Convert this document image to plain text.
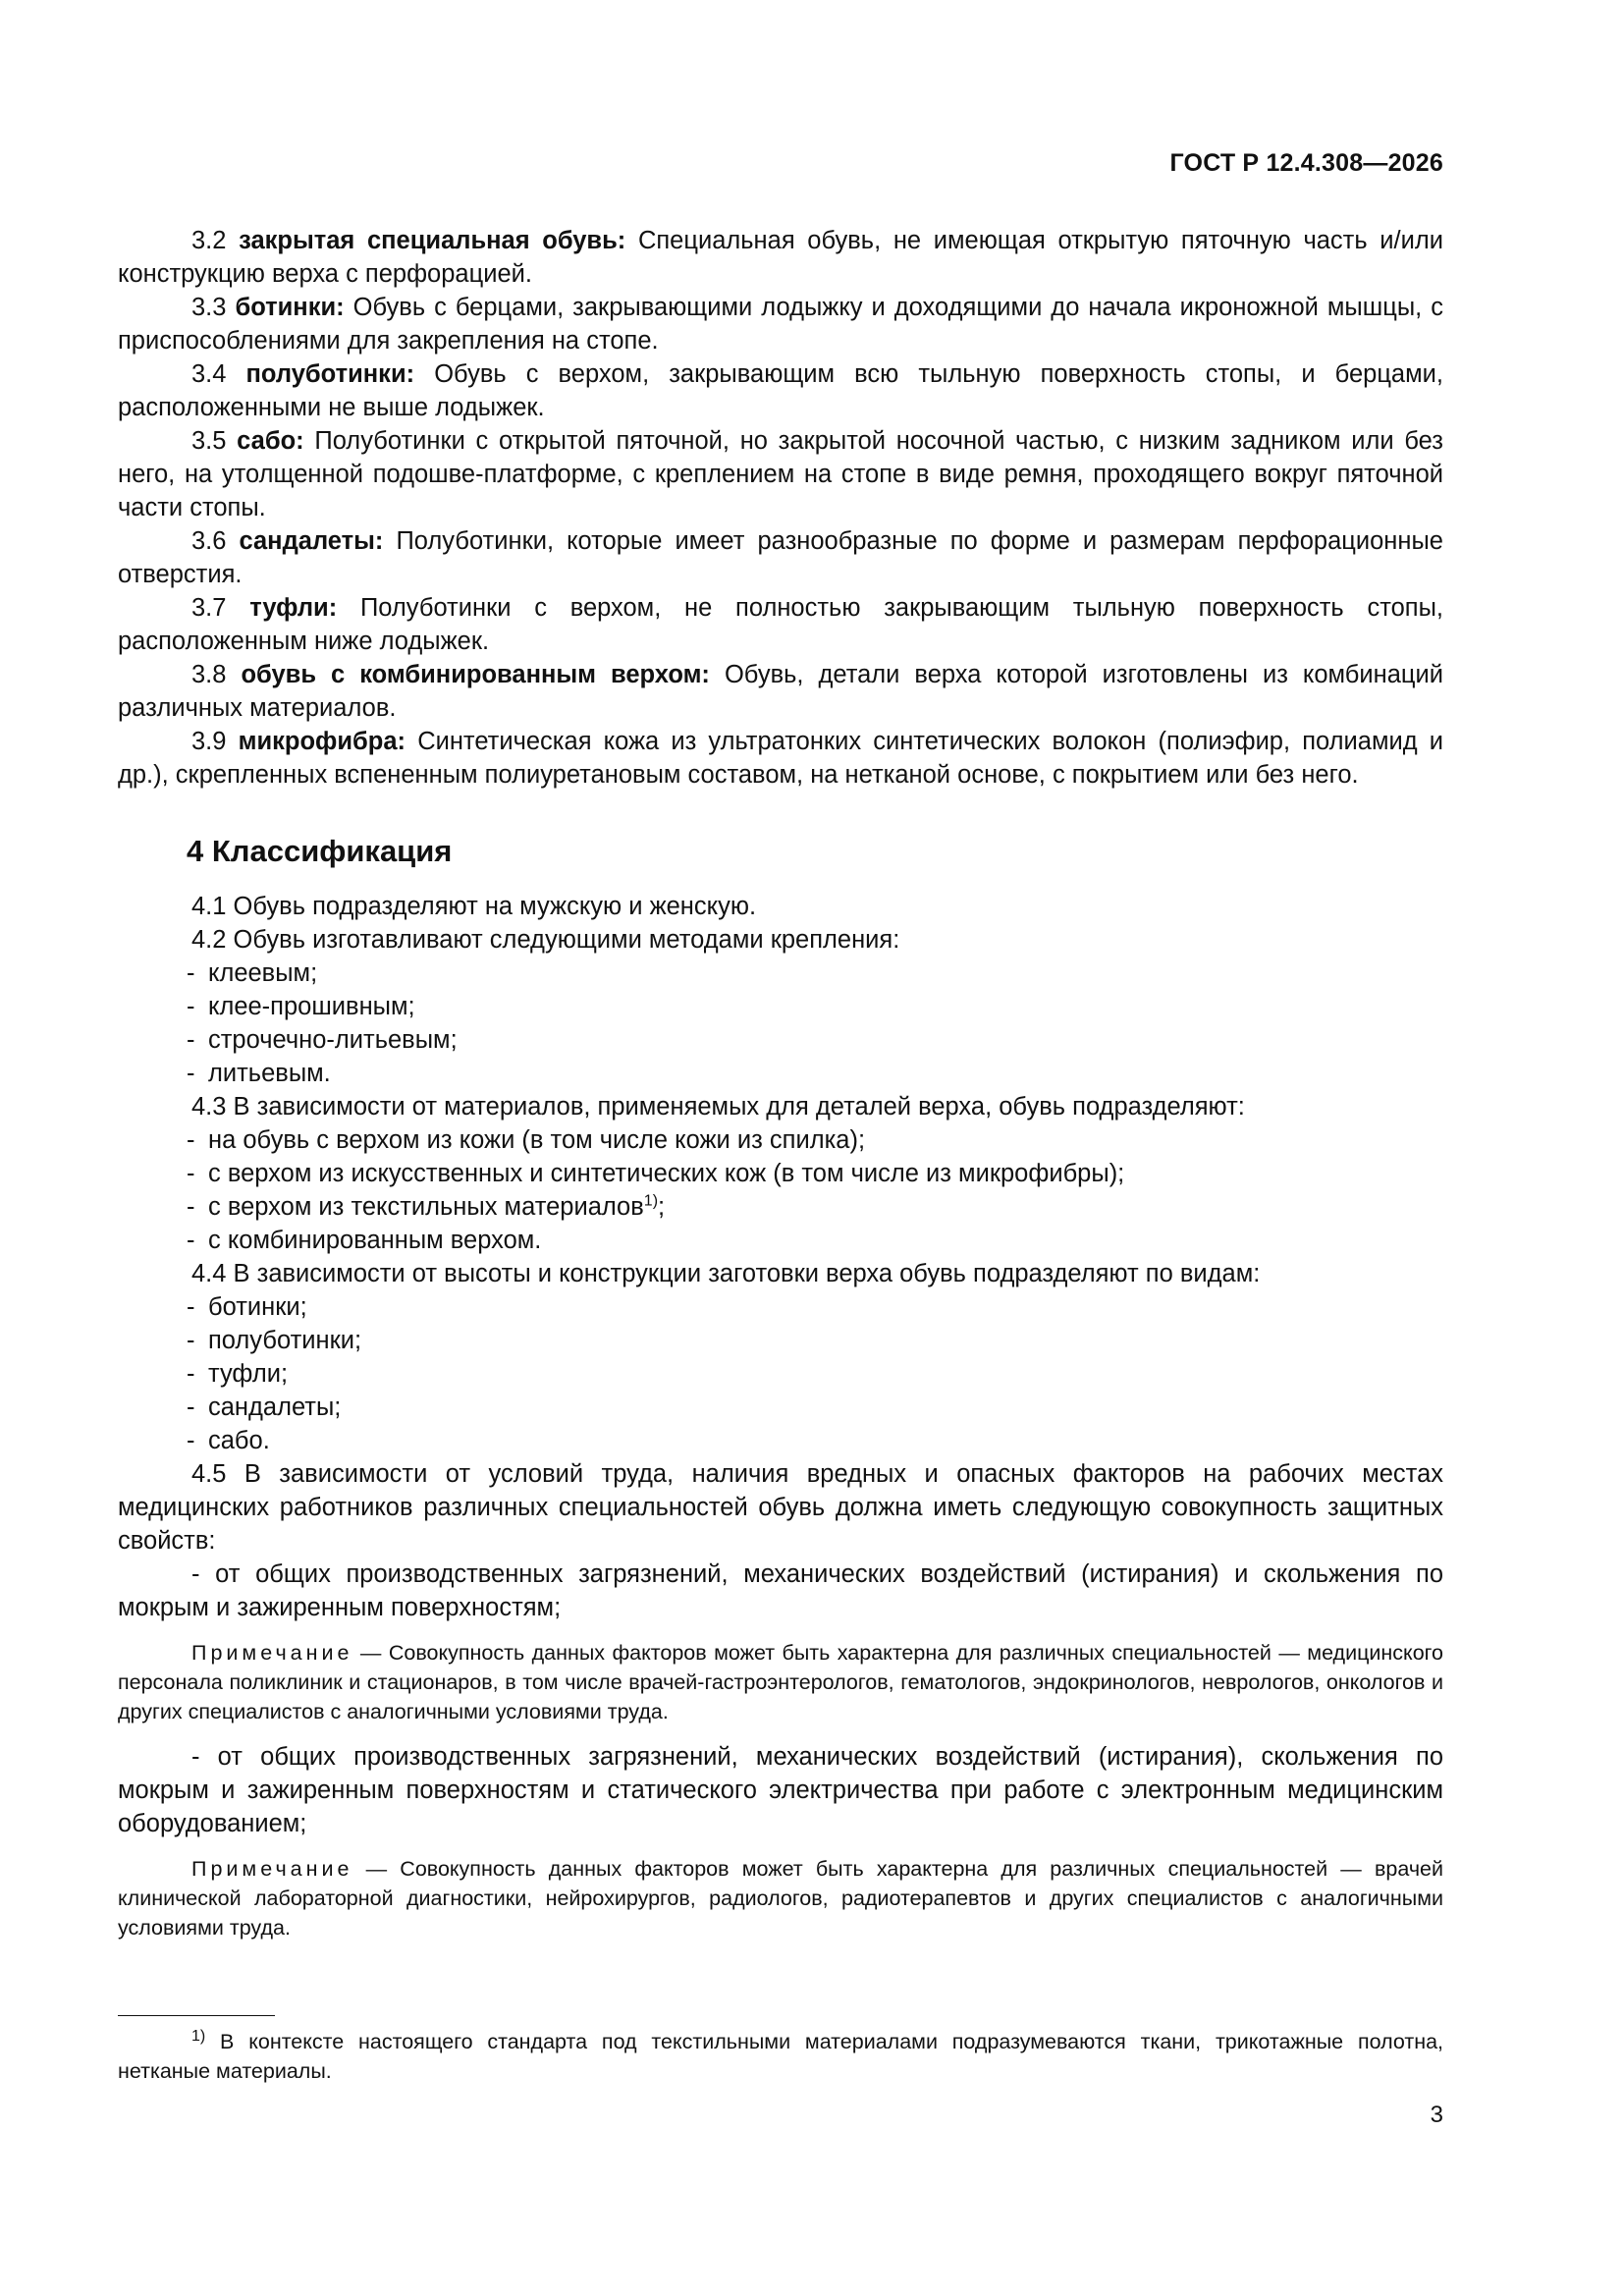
ГОСТ Р 12.4.308—2026

3.2 закрытая специальная обувь: Специальная обувь, не имеющая открытую пяточную часть и/или конструкцию верха с перфорацией.

3.3 ботинки: Обувь с берцами, закрывающими лодыжку и доходящими до начала икроножной мышцы, с приспособлениями для закрепления на стопе.

3.4 полуботинки: Обувь с верхом, закрывающим всю тыльную поверхность стопы, и берцами, расположенными не выше лодыжек.

3.5 сабо: Полуботинки с открытой пяточной, но закрытой носочной частью, с низким задником или без него, на утолщенной подошве-платформе, с креплением на стопе в виде ремня, проходящего вокруг пяточной части стопы.

3.6 сандалеты: Полуботинки, которые имеет разнообразные по форме и размерам перфорационные отверстия.

3.7 туфли: Полуботинки с верхом, не полностью закрывающим тыльную поверхность стопы, расположенным ниже лодыжек.

3.8 обувь с комбинированным верхом: Обувь, детали верха которой изготовлены из комбинаций различных материалов.

3.9 микрофибра: Синтетическая кожа из ультратонких синтетических волокон (полиэфир, полиамид и др.), скрепленных вспененным полиуретановым составом, на нетканой основе, с покрытием или без него.

4 Классификация

4.1 Обувь подразделяют на мужскую и женскую.

4.2 Обувь изготавливают следующими методами крепления:

- клеевым;

- клее-прошивным;

- строчечно-литьевым;

- литьевым.

4.3 В зависимости от материалов, применяемых для деталей верха, обувь подразделяют:

- на обувь с верхом из кожи (в том числе кожи из спилка);

- с верхом из искусственных и синтетических кож (в том числе из микрофибры);

- с верхом из текстильных материалов$^{1)}$;

- с комбинированным верхом.

4.4 В зависимости от высоты и конструкции заготовки верха обувь подразделяют по видам:

- ботинки;

- полуботинки;

- туфли;

- сандалеты;

- сабо.

4.5 В зависимости от условий труда, наличия вредных и опасных факторов на рабочих местах медицинских работников различных специальностей обувь должна иметь следующую совокупность защитных свойств:

- от общих производственных загрязнений, механических воздействий (истирания) и скольжения по мокрым и зажиренным поверхностям;

Примечание — Совокупность данных факторов может быть характерна для различных специальностей — медицинского персонала поликлиник и стационаров, в том числе врачей-гастроэнтерологов, гематологов, эндокринологов, неврологов, онкологов и других специалистов с аналогичными условиями труда.

- от общих производственных загрязнений, механических воздействий (истирания), скольжения по мокрым и зажиренным поверхностям и статического электричества при работе с электронным медицинским оборудованием;

Примечание — Совокупность данных факторов может быть характерна для различных специальностей — врачей клинической лабораторной диагностики, нейрохирургов, радиологов, радиотерапевтов и других специалистов с аналогичными условиями труда.

$^{1)}$ В контексте настоящего стандарта под текстильными материалами подразумеваются ткани, трикотажные полотна, нетканые материалы.
3
